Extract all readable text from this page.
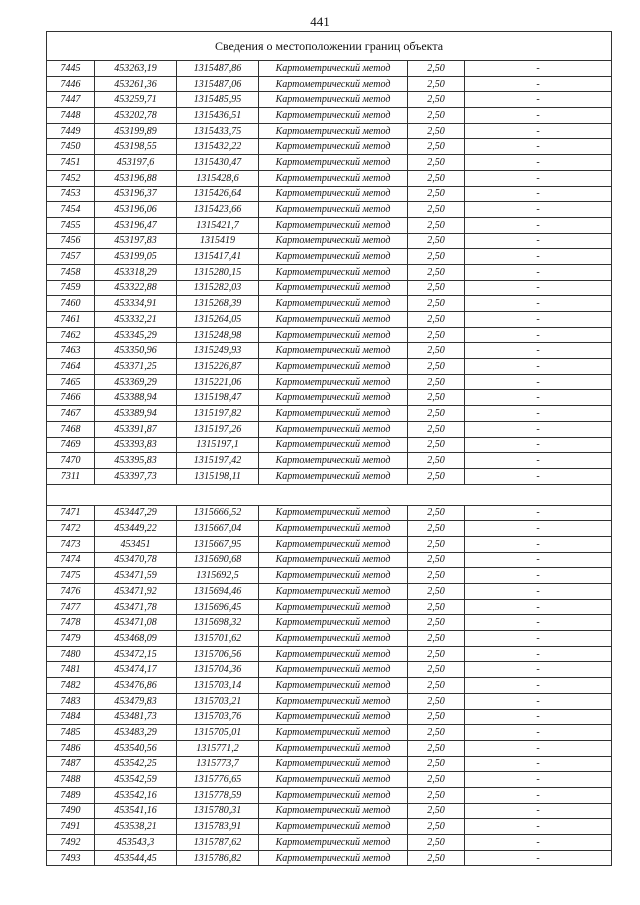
441
Сведения о местоположении границ объекта					
7445	453263,19	1315487,86	Картометрический метод	2,50	-
7446	453261,36	1315487,06	Картометрический метод	2,50	-
7447	453259,71	1315485,95	Картометрический метод	2,50	-
7448	453202,78	1315436,51	Картометрический метод	2,50	-
7449	453199,89	1315433,75	Картометрический метод	2,50	-
7450	453198,55	1315432,22	Картометрический метод	2,50	-
7451	453197,6	1315430,47	Картометрический метод	2,50	-
7452	453196,88	1315428,6	Картометрический метод	2,50	-
7453	453196,37	1315426,64	Картометрический метод	2,50	-
7454	453196,06	1315423,66	Картометрический метод	2,50	-
7455	453196,47	1315421,7	Картометрический метод	2,50	-
7456	453197,83	1315419	Картометрический метод	2,50	-
7457	453199,05	1315417,41	Картометрический метод	2,50	-
7458	453318,29	1315280,15	Картометрический метод	2,50	-
7459	453322,88	1315282,03	Картометрический метод	2,50	-
7460	453334,91	1315268,39	Картометрический метод	2,50	-
7461	453332,21	1315264,05	Картометрический метод	2,50	-
7462	453345,29	1315248,98	Картометрический метод	2,50	-
7463	453350,96	1315249,93	Картометрический метод	2,50	-
7464	453371,25	1315226,87	Картометрический метод	2,50	-
7465	453369,29	1315221,06	Картометрический метод	2,50	-
7466	453388,94	1315198,47	Картометрический метод	2,50	-
7467	453389,94	1315197,82	Картометрический метод	2,50	-
7468	453391,87	1315197,26	Картометрический метод	2,50	-
7469	453393,83	1315197,1	Картометрический метод	2,50	-
7470	453395,83	1315197,42	Картометрический метод	2,50	-
7311	453397,73	1315198,11	Картометрический метод	2,50	-

7471	453447,29	1315666,52	Картометрический метод	2,50	-
7472	453449,22	1315667,04	Картометрический метод	2,50	-
7473	453451	1315667,95	Картометрический метод	2,50	-
7474	453470,78	1315690,68	Картометрический метод	2,50	-
7475	453471,59	1315692,5	Картометрический метод	2,50	-
7476	453471,92	1315694,46	Картометрический метод	2,50	-
7477	453471,78	1315696,45	Картометрический метод	2,50	-
7478	453471,08	1315698,32	Картометрический метод	2,50	-
7479	453468,09	1315701,62	Картометрический метод	2,50	-
7480	453472,15	1315706,56	Картометрический метод	2,50	-
7481	453474,17	1315704,36	Картометрический метод	2,50	-
7482	453476,86	1315703,14	Картометрический метод	2,50	-
7483	453479,83	1315703,21	Картометрический метод	2,50	-
7484	453481,73	1315703,76	Картометрический метод	2,50	-
7485	453483,29	1315705,01	Картометрический метод	2,50	-
7486	453540,56	1315771,2	Картометрический метод	2,50	-
7487	453542,25	1315773,7	Картометрический метод	2,50	-
7488	453542,59	1315776,65	Картометрический метод	2,50	-
7489	453542,16	1315778,59	Картометрический метод	2,50	-
7490	453541,16	1315780,31	Картометрический метод	2,50	-
7491	453538,21	1315783,91	Картометрический метод	2,50	-
7492	453543,3	1315787,62	Картометрический метод	2,50	-
7493	453544,45	1315786,82	Картометрический метод	2,50	-
